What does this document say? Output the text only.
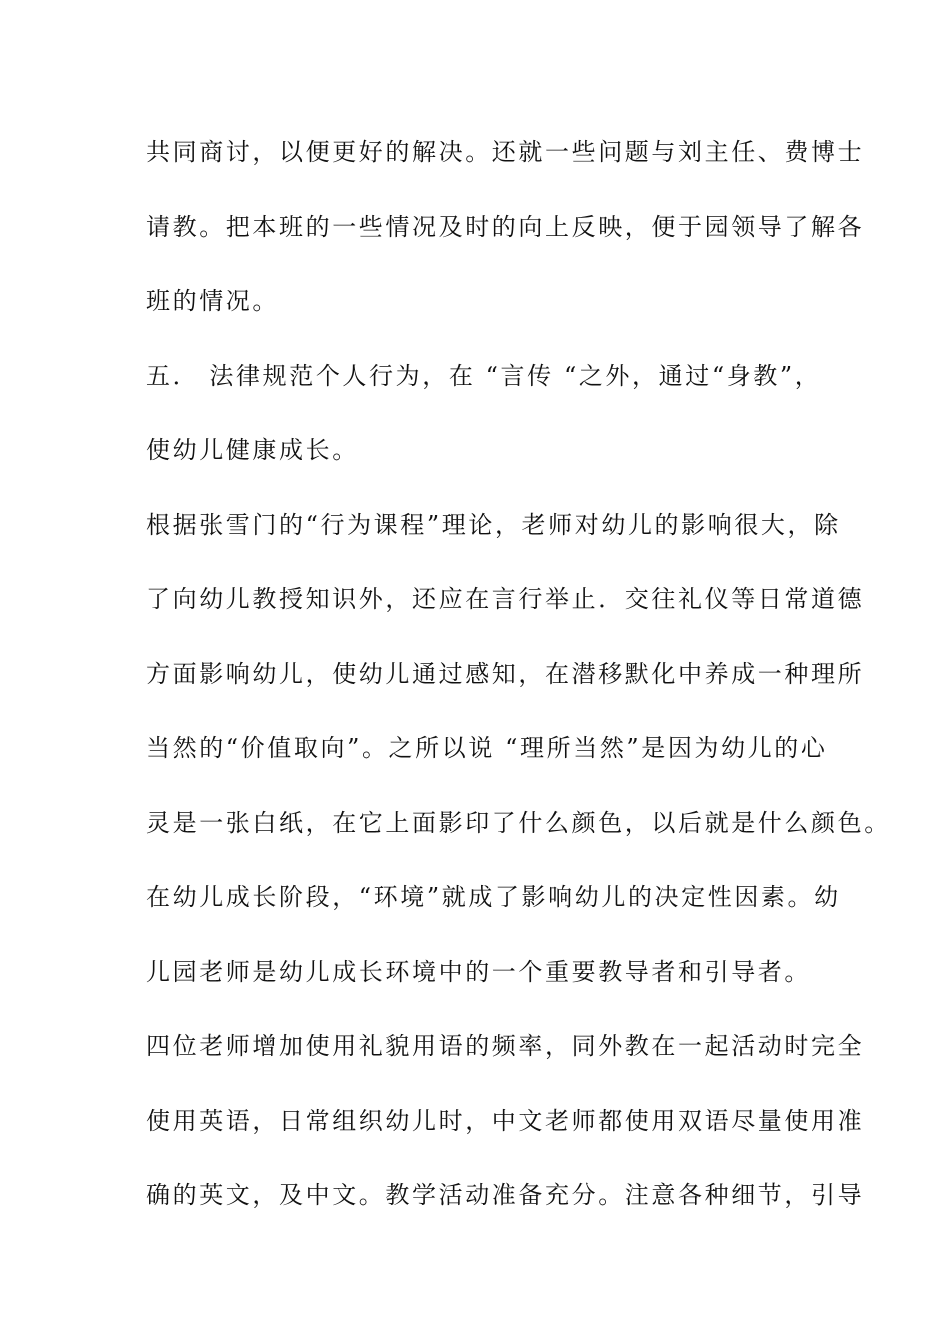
共同商讨，以便更好的解决。还就一些问题与刘主任、费博士
请教。把本班的一些情况及时的向上反映，便于园领导了解各
班的情况。
五． 法律规范个人行为，在 “言传 “之外，通过“身教”，
使幼儿健康成长。
根据张雪门的“行为课程”理论，老师对幼儿的影响很大，除
了向幼儿教授知识外，还应在言行举止．交往礼仪等日常道德
方面影响幼儿，使幼儿通过感知，在潜移默化中养成一种理所
当然的“价值取向”。之所以说 “理所当然”是因为幼儿的心
灵是一张白纸，在它上面影印了什么颜色，以后就是什么颜色。
在幼儿成长阶段，“环境”就成了影响幼儿的决定性因素。幼
儿园老师是幼儿成长环境中的一个重要教导者和引导者。
四位老师增加使用礼貌用语的频率，同外教在一起活动时完全
使用英语，日常组织幼儿时，中文老师都使用双语尽量使用准
确的英文，及中文。教学活动准备充分。注意各种细节，引导
